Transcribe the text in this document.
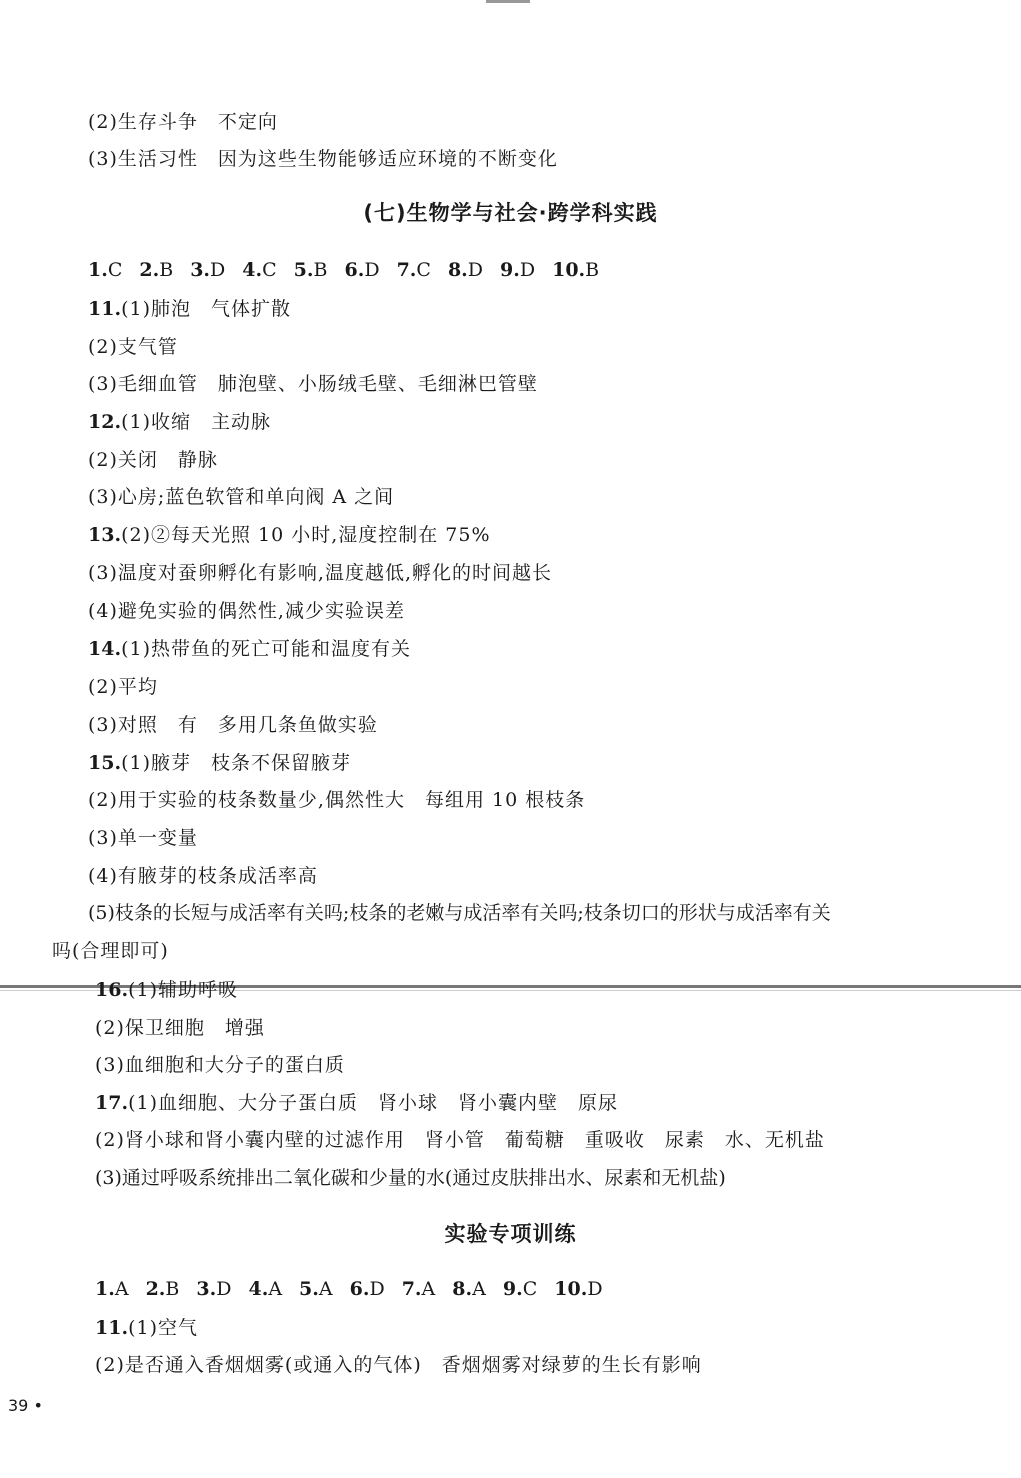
(2)生存斗争　不定向
(3)生活习性　因为这些生物能够适应环境的不断变化
(七)生物学与社会·跨学科实践
1.C 2.B 3.D 4.C 5.B 6.D 7.C 8.D 9.D 10.B
11.(1)肺泡　气体扩散
(2)支气管
(3)毛细血管　肺泡壁、小肠绒毛壁、毛细淋巴管壁
12.(1)收缩　主动脉
(2)关闭　静脉
(3)心房;蓝色软管和单向阀 A 之间
13.(2)②每天光照 10 小时,湿度控制在 75%
(3)温度对蚕卵孵化有影响,温度越低,孵化的时间越长
(4)避免实验的偶然性,减少实验误差
14.(1)热带鱼的死亡可能和温度有关
(2)平均
(3)对照　有　多用几条鱼做实验
15.(1)腋芽　枝条不保留腋芽
(2)用于实验的枝条数量少,偶然性大　每组用 10 根枝条
(3)单一变量
(4)有腋芽的枝条成活率高
(5)枝条的长短与成活率有关吗;枝条的老嫩与成活率有关吗;枝条切口的形状与成活率有关
吗(合理即可)
16.(1)辅助呼吸
(2)保卫细胞　增强
(3)血细胞和大分子的蛋白质
17.(1)血细胞、大分子蛋白质　肾小球　肾小囊内壁　原尿
(2)肾小球和肾小囊内壁的过滤作用　肾小管　葡萄糖　重吸收　尿素　水、无机盐
(3)通过呼吸系统排出二氧化碳和少量的水(通过皮肤排出水、尿素和无机盐)
实验专项训练
1.A 2.B 3.D 4.A 5.A 6.D 7.A 8.A 9.C 10.D
11.(1)空气
(2)是否通入香烟烟雾(或通入的气体)　香烟烟雾对绿萝的生长有影响
39 •
